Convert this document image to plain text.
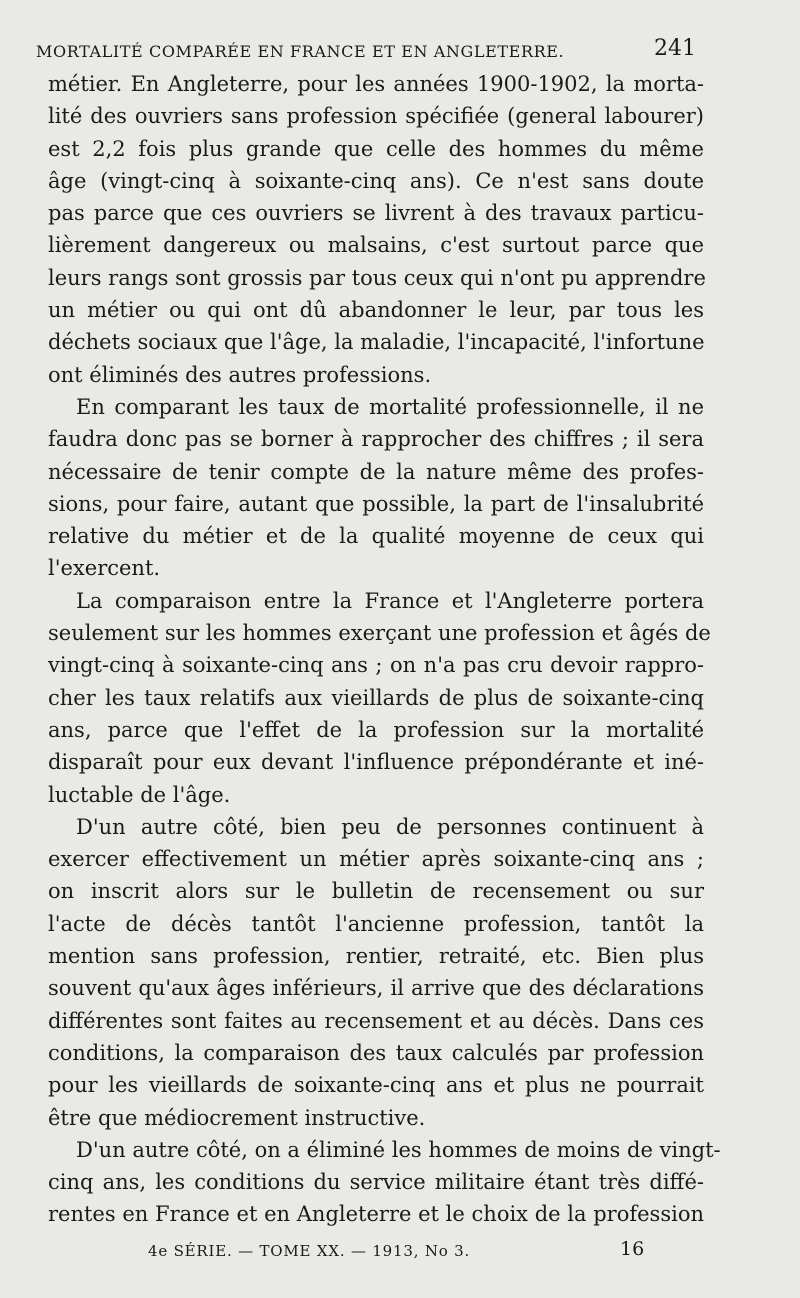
MORTALITÉ COMPARÉE EN FRANCE ET EN ANGLETERRE.	241
métier. En Angleterre, pour les années 1900-1902, la morta-
lité des ouvriers sans profession spécifiée (general labourer)
est 2,2 fois plus grande que celle des hommes du même
âge (vingt-cinq à soixante-cinq ans). Ce n'est sans doute
pas parce que ces ouvriers se livrent à des travaux particu-
lièrement dangereux ou malsains, c'est surtout parce que
leurs rangs sont grossis par tous ceux qui n'ont pu apprendre
un métier ou qui ont dû abandonner le leur, par tous les
déchets sociaux que l'âge, la maladie, l'incapacité, l'infortune
ont éliminés des autres professions.
En comparant les taux de mortalité professionnelle, il ne
faudra donc pas se borner à rapprocher des chiffres ; il sera
nécessaire de tenir compte de la nature même des profes-
sions, pour faire, autant que possible, la part de l'insalubrité
relative du métier et de la qualité moyenne de ceux qui
l'exercent.
La comparaison entre la France et l'Angleterre portera
seulement sur les hommes exerçant une profession et âgés de
vingt-cinq à soixante-cinq ans ; on n'a pas cru devoir rappro-
cher les taux relatifs aux vieillards de plus de soixante-cinq
ans, parce que l'effet de la profession sur la mortalité
disparaît pour eux devant l'influence prépondérante et iné-
luctable de l'âge.
D'un autre côté, bien peu de personnes continuent à
exercer effectivement un métier après soixante-cinq ans ;
on inscrit alors sur le bulletin de recensement ou sur
l'acte de décès tantôt l'ancienne profession, tantôt la
mention sans profession, rentier, retraité, etc. Bien plus
souvent qu'aux âges inférieurs, il arrive que des déclarations
différentes sont faites au recensement et au décès. Dans ces
conditions, la comparaison des taux calculés par profession
pour les vieillards de soixante-cinq ans et plus ne pourrait
être que médiocrement instructive.
D'un autre côté, on a éliminé les hommes de moins de vingt-
cinq ans, les conditions du service militaire étant très diffé-
rentes en France et en Angleterre et le choix de la profession
4e SÉRIE. — TOME XX. — 1913, No 3.	16
